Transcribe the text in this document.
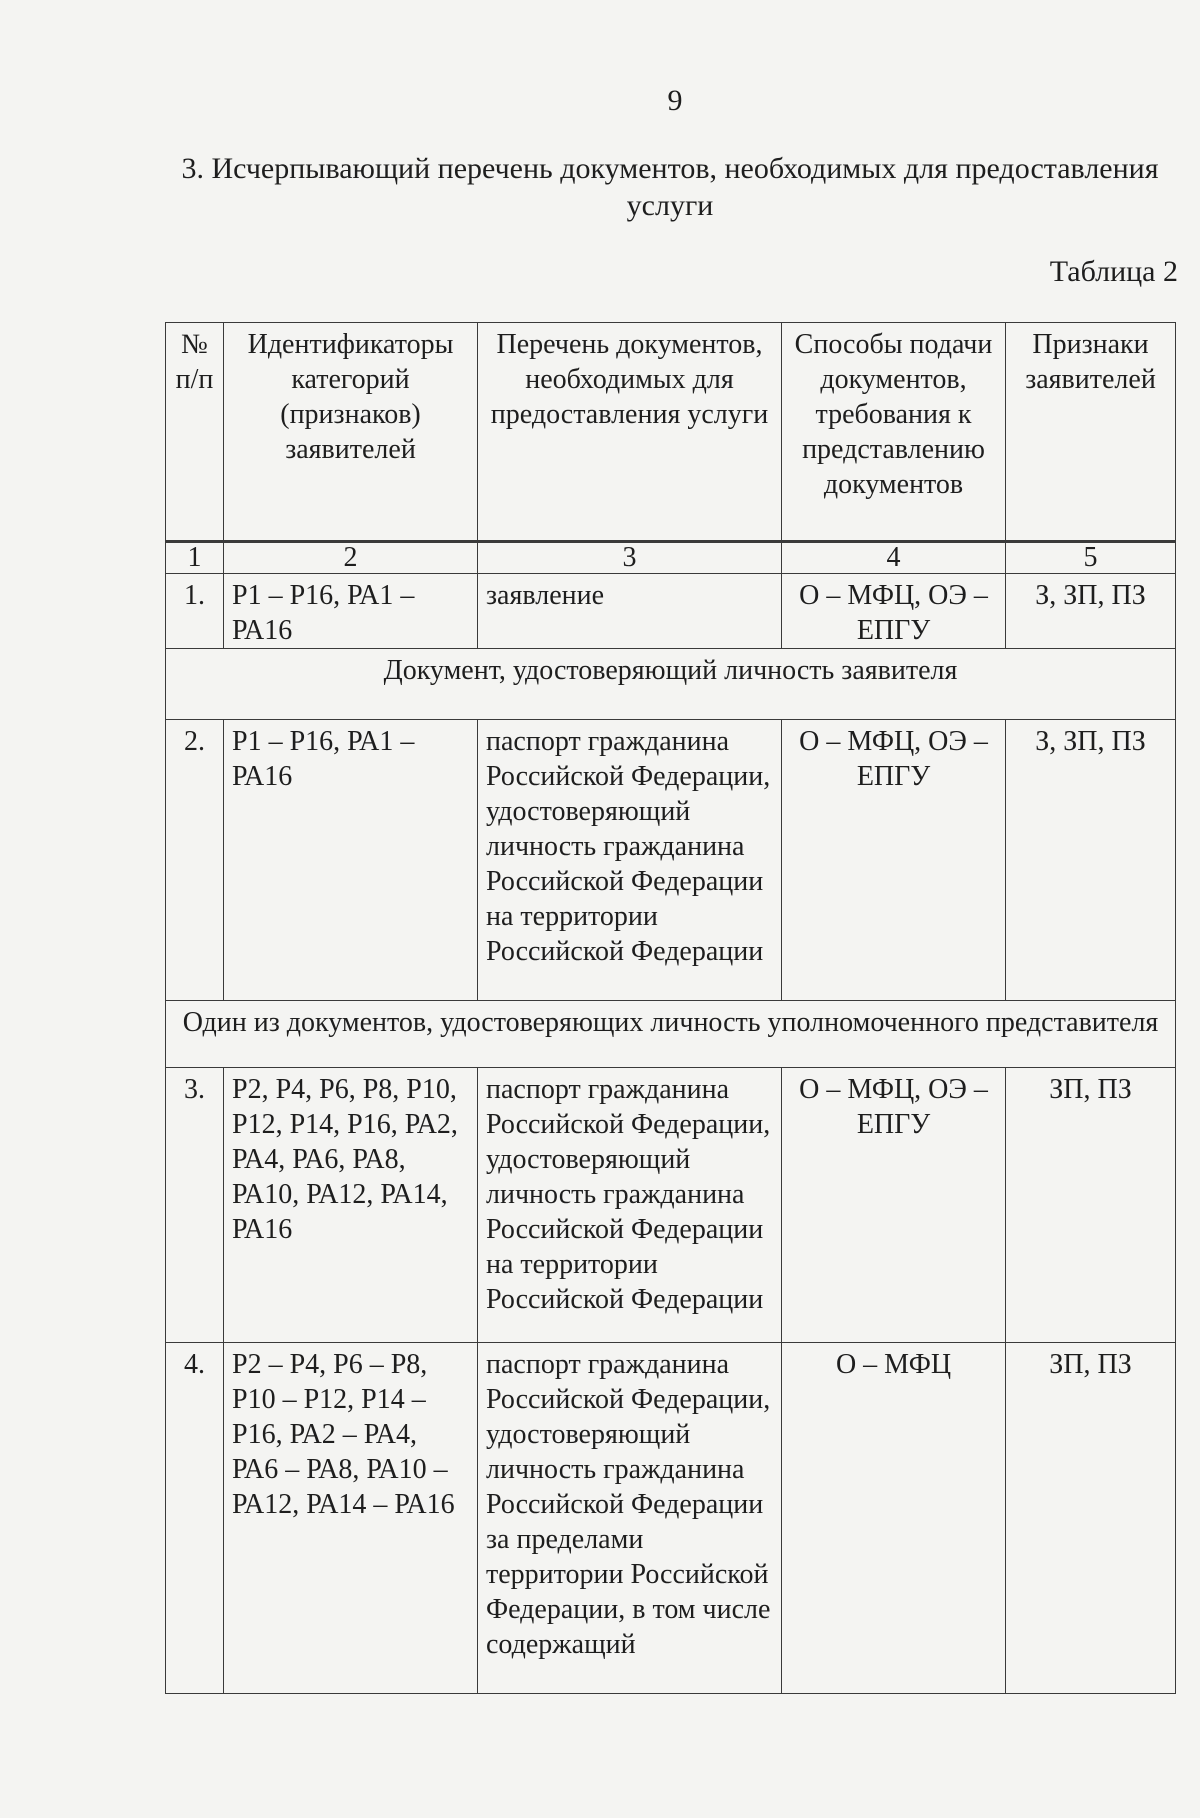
9
3. Исчерпывающий перечень документов, необходимых для предоставления услуги
Таблица 2
№ п/п	Идентификаторы категорий (признаков) заявителей	Перечень документов, необходимых для предоставления услуги	Способы подачи документов, требования к представлению документов	Признаки заявителей
1	2	3	4	5
1.	Р1 – Р16, РА1 – РА16	заявление	О – МФЦ, ОЭ – ЕПГУ	З, ЗП, ПЗ
Документ, удостоверяющий личность заявителя				
2.	Р1 – Р16, РА1 – РА16	паспорт гражданина Российской Федерации, удостоверяющий личность гражданина Российской Федерации на территории Российской Федерации	О – МФЦ, ОЭ – ЕПГУ	З, ЗП, ПЗ
Один из документов, удостоверяющих личность уполномоченного представителя				
3.	Р2, Р4, Р6, Р8, Р10, Р12, Р14, Р16, РА2, РА4, РА6, РА8, РА10, РА12, РА14, РА16	паспорт гражданина Российской Федерации, удостоверяющий личность гражданина Российской Федерации на территории Российской Федерации	О – МФЦ, ОЭ – ЕПГУ	ЗП, ПЗ
4.	Р2 – Р4, Р6 – Р8, Р10 – Р12, Р14 – Р16, РА2 – РА4, РА6 – РА8, РА10 – РА12, РА14 – РА16	паспорт гражданина Российской Федерации, удостоверяющий личность гражданина Российской Федерации за пределами территории Российской Федерации, в том числе содержащий	О – МФЦ	ЗП, ПЗ
